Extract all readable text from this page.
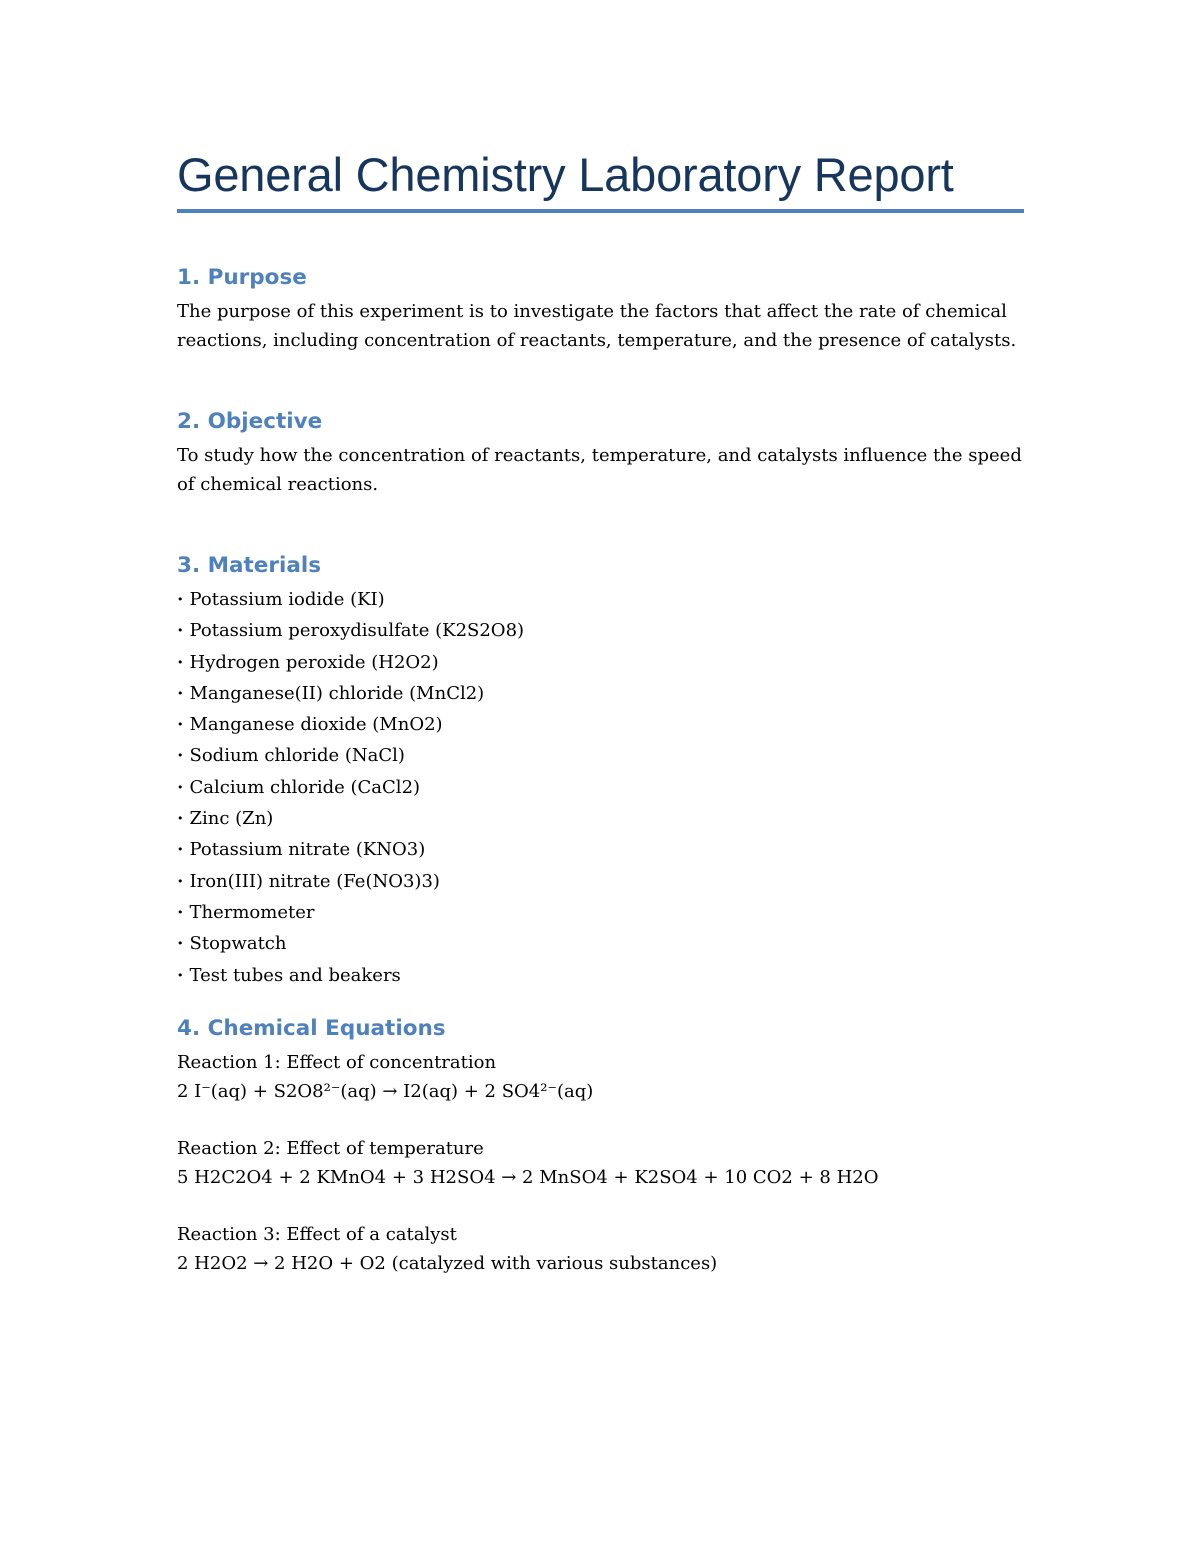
General Chemistry Laboratory Report
1. Purpose

The purpose of this experiment is to investigate the factors that affect the rate of chemical reactions, including concentration of reactants, temperature, and the presence of catalysts.

2. Objective

To study how the concentration of reactants, temperature, and catalysts influence the speed of chemical reactions.

3. Materials
• Potassium iodide (KI)
• Potassium peroxydisulfate (K2S2O8)
• Hydrogen peroxide (H2O2)
• Manganese(II) chloride (MnCl2)
• Manganese dioxide (MnO2)
• Sodium chloride (NaCl)
• Calcium chloride (CaCl2)
• Zinc (Zn)
• Potassium nitrate (KNO3)
• Iron(III) nitrate (Fe(NO3)3)
• Thermometer
• Stopwatch
• Test tubes and beakers
4. Chemical Equations
Reaction 1: Effect of concentration
2 I⁻(aq) + S2O8²⁻(aq) → I2(aq) + 2 SO4²⁻(aq)
Reaction 2: Effect of temperature
5 H2C2O4 + 2 KMnO4 + 3 H2SO4 → 2 MnSO4 + K2SO4 + 10 CO2 + 8 H2O
Reaction 3: Effect of a catalyst
2 H2O2 → 2 H2O + O2 (catalyzed with various substances)
